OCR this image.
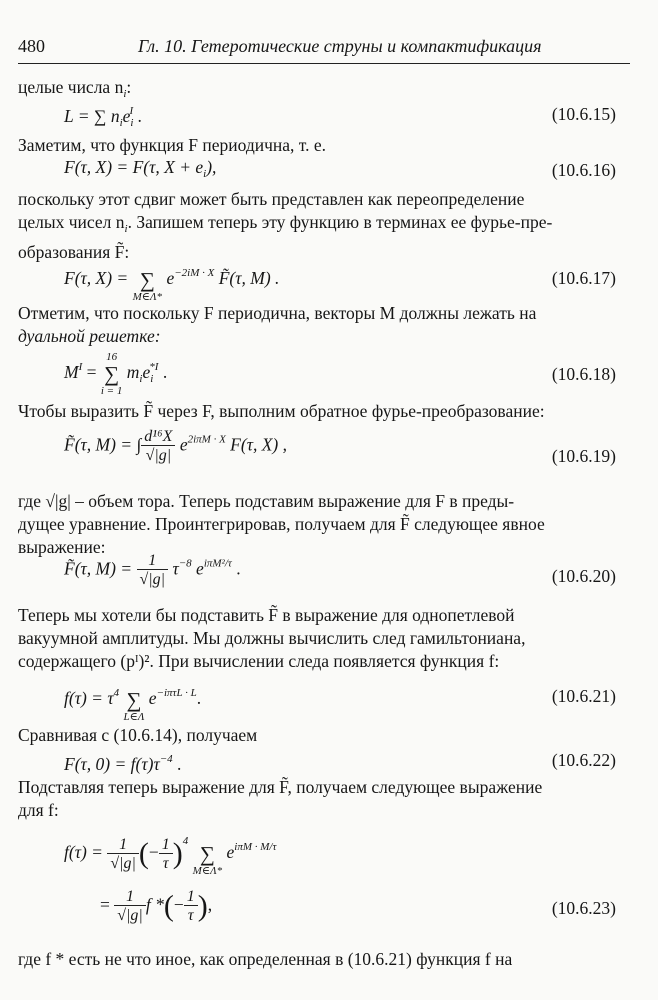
480	Гл. 10. Гетеротические струны и компактификация
целые числа $n_i$:
L = ∑ $n_ie_i^I$ .	(10.6.15)
Заметим, что функция F периодична, т. е.
F(τ, X) = F(τ, $X + e_i$),	(10.6.16)
поскольку этот сдвиг может быть представлен как переопределение
целых чисел $n_i$. Запишем теперь эту функцию в терминах ее фурье-пре-
образования F̃:
F(τ, X) =
∑
M∈Λ*
$e^{-2iM \cdot X}$ F̃(τ, M) .	(10.6.17)
Отметим, что поскольку F периодична, векторы M должны лежать на
дуальной решетке:
$M^I$ =
16
∑
i = 1
$m_ie_i^{*I}$ .	(10.6.18)
Чтобы выразить F̃ через F, выполним обратное фурье-преобразование:
F̃(τ, M) = ∫ $\frac{\text{d¹⁶X}}{√|g|} e^{2i\pi M \cdot X}$ F(τ, X) ,
(10.6.19)
где √|g| – объем тора. Теперь подставим выражение для F в преды-
дущее уравнение. Проинтегрировав, получаем для F̃ следующее явное
выражение:
F̃(τ, $M) = \frac{1}{√|g|} \tau^{-8}$ $e^{i\pi M^2/\tau}$ .	(10.6.20)
Теперь мы хотели бы подставить F̃ в выражение для однопетлевой
вакуумной амплитуды. Мы должны вычислить след гамильтониана,
содержащего (pᴵ)². При вычислении следа появляется функция f:
$f(\tau) = \tau^4$
∑
L∈Λ
$e^{-i\pi\tau L \cdot L}$.	(10.6.21)
Сравнивая с (10.6.14), получаем
F(τ, $0) = f(\tau)\tau^{-4}$ .	(10.6.22)
Подставляя теперь выражение для F̃, получаем следующее выражение
для f:
$f(\tau) = \frac{1}{√|g|}$ (− $\frac{1}{\tau} )^4$

∑
M∈Λ*
$e^{i\pi M \cdot M/\tau}$
= $\frac{1}{√|g|}$ f *(− $\frac{1}{\tau}$ ),	(10.6.23)
где f * есть не что иное, как определенная в (10.6.21) функция f на
